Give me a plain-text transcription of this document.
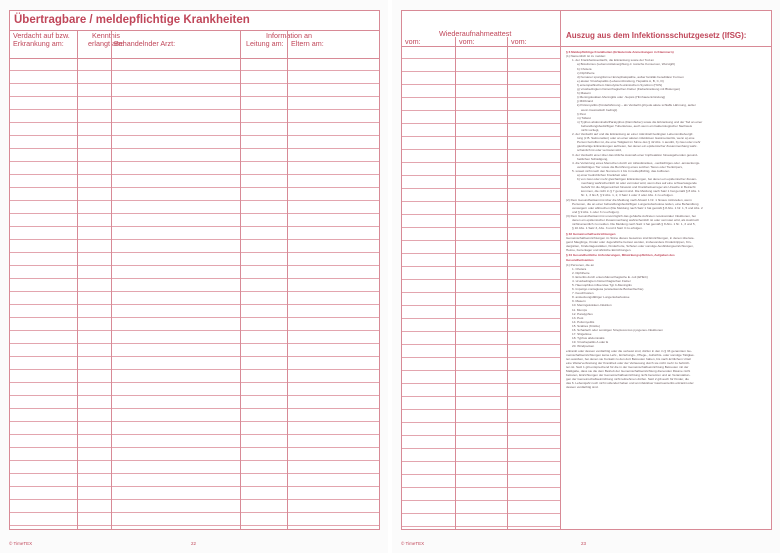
Übertragbare / meldepflichtige Krankheiten
Verdacht auf bzw.
Erkrankung am:
Kenntnis
erlangt am:
Behandelnder Arzt:
Information an
Leitung am:	Eltern am:
© TimeTEX	22
Wiederaufnahmeattest
vom:	vom:	vom:
Auszug aus dem Infektionsschutzgesetz (IfSG):
§ 6 Meldepflichtige Krankheiten (Erläuternde Anmerkungen in Klammern)
(1) Namentlich ist zu melden:
1. der Krankheitsverdacht, die Erkrankung sowie der Tod an
a) Botulismus (Lebensmittelvergiftung d. toxische Konserven, Wurstgift)
b) Cholera
c) Diphtherie
d) humaner spongiformer Enzephalopathie, außer familiär-hereditärer Formen
e) akuter Virushepatitis (Leberentzündung, Hepatitis A, B, C, D)
f) enteropathischem hämolytisch-urämischem Syndrom (HUS)
g) virusbedingtem hämorrhagischen Fieber (Fieberkrankung mit Blutungen)
h) Masern
i) Meningokokken-Meningitis oder -Sepsis (Hirnhautentzündung)
j) Milzbrand
k) Poliomyelitis (Kinderlähmung – als Verdacht gilt jede akute schlaffe Lähmung, außer
wenn traumatisch bedingt)
l) Pest
m) Tollwut
n) Typhus abdominalis/Paratyphus (Darmfieber) sowie die Erkrankung und der Tod an einer
behandlungsbedürftigen Tuberkulose, auch wenn ein bakteriologischer Nachweis
nicht vorliegt,
2. der Verdacht auf und die Erkrankung an einer mikrobiell bedingten Lebensmittelvergif-
tung (z.B. Salmonellen) oder an einer akuten infektiösen Gastroenteritis, wenn a) eine
Person betroffen ist, die eine Tätigkeit im Sinne des § 42 Abs. 1 ausübt, b) zwei oder mehr
gleichartige Erkrankungen auftreten, bei denen ein epidemischer Zusammenhang wahr-
scheinlich ist oder vermutet wird,
3. der Verdacht einer über das übliche Ausmaß einer Impfreaktion hinausgehenden gesund-
heitlichen Schädigung,
4. die Verletzung eines Menschen durch ein tollwutkrankes, -verdächtiges oder -ansteckungs-
verdächtiges Tier sowie die Berührung eines solchen Tieres oder Tierkörpers,
5. soweit nicht nach den Nummern 1 bis 4 meldepflichtig, das Auftreten
a) einer bedrohlichen Krankheit oder
b) von zwei oder mehr gleichartigen Erkrankungen, bei denen ein epidemischer Zusam-
menhang wahrscheinlich ist oder vermutet wird, wenn dies auf eine schwerwiegende
Gefahr für die Allgemeinheit hinweist und Krankheitserreger als Ursache in Betracht
kommen, die nicht in § 7 genannt sind. Die Meldung nach Satz 1 hat gemäß § 8 Abs. 1
Nr. 1, 3 bis 8, § 9 Abs. 1, 2, 3 Satz 1 oder 3 oder Abs. 4 zu erfolgen.
(2) Dem Gesundheitsamt ist über die Meldung nach Absatz 1 Nr. 1 hinaus mitzuteilen, wenn
Personen, die an einer behandlungsbedürftigen Lungentuberkulose leiden, eine Behandlung
verweigern oder abbrechen (Die Meldung nach Satz 1 hat gemäß § 8 Abs. 1 Nr. 1, 5 und Abs. 2
und § 9 Abs. 1 oder 3 zu erfolgen).
(3) Dem Gesundheitsamt ist unverzüglich das gehäufte Auftreten nosokomialer Infektionen, bei
denen ein epidemischer Zusammenhang wahrscheinlich ist oder vermutet wird, als Ausbruch
nichtnamentlich zu melden. Die Meldung nach Satz 1 hat gemäß § 8 Abs. 1 Nr. 1, 3 und 5,
§ 10 Abs. 1 Satz 3, Abs. 3 und 4 Satz 3 zu erfolgen.
§ 33 Gemeinschaftseinrichtungen
Gemeinschaftseinrichtungen im Sinne dieses Gesetzes sind Einrichtungen, in denen überwie-
gend Säuglinge, Kinder oder Jugendliche betreut werden, insbesondere Kinderkrippen, Kin-
dergärten, Kindertagesstätten, Kinderhorte, Schulen oder sonstige Ausbildungseinrichtungen,
Heime, Ferienlager und ähnliche Einrichtungen.
§ 34 Gesundheitliche Anforderungen, Mitwirkungspflichten, Aufgaben des
Gesundheitsamtes
(1) Personen, die an
1. Cholera
2. Diphtherie
3. Enteritis durch enterohämorrhagische E. coli (EHEC)
4. virusbedingtem hämorrhagischen Fieber
5. Haemophilus influenzae Typ b-Meningitis
6. Impetigo contagiosa (ansteckende Borkenflechte)
7. Keuchhusten
8. ansteckungsfähiger Lungentuberkulose
9. Masern
10. Meningokokken-Infektion
11. Mumps
12. Paratyphus
13. Pest
14. Poliomyelitis
15. Scabies (Krätze)
16. Scharlach oder sonstigen Streptococcus pyogenes-Infektionen
17. Shigellose
18. Typhus abdominalis
19. Virushepatitis A oder E
20. Windpocken
erkrankt oder dessen verdächtig oder die verlaust sind, dürfen in den in § 33 genannten Ge-
meinschaftseinrichtungen keine Lehr-, Erziehungs-, Pflege-, Aufsichts- oder sonstige Tätigkei-
ten ausüben, bei denen sie Kontakt zu den dort Betreuten haben, bis nach ärztlichem Urteil
eine Weiterverbreitung der Krankheit oder der Verlausung durch sie nicht mehr zu befürch-
ten ist. Satz 1 gilt entsprechend für die in der Gemeinschaftseinrichtung Betreuten mit der
Maßgabe, dass sie die dem Betrieb der Gemeinschaftseinrichtung dienenden Räume nicht
betreten, Einrichtungen der Gemeinschaftseinrichtung nicht benutzen und an Veranstaltun-
gen der Gemeinschaftseinrichtung nicht teilnehmen dürfen. Satz 2 gilt auch für Kinder, die
das 6. Lebensjahr noch nicht vollendet haben und an infektiöser Gastroenteritis erkrankt oder
dessen verdächtig sind.
© TimeTEX	23
